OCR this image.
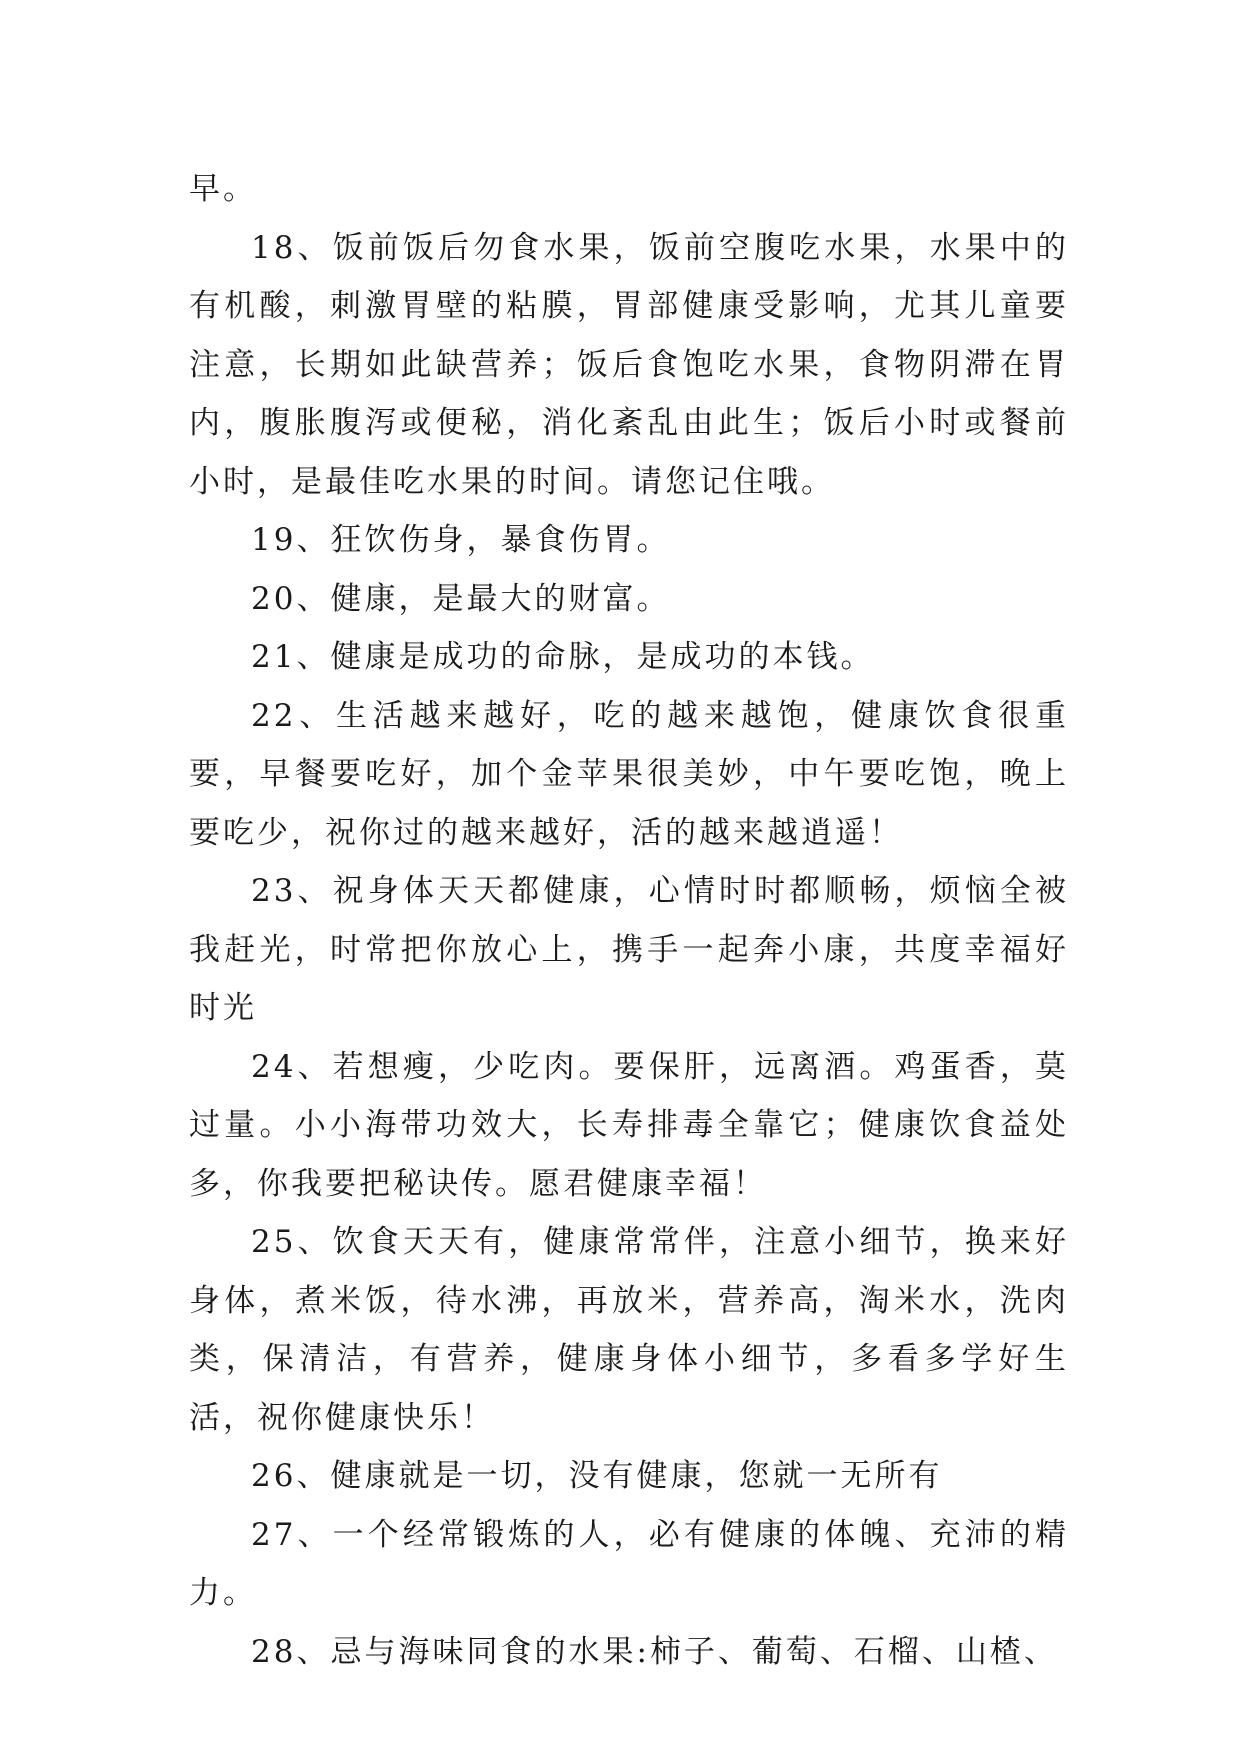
早。

18、饭前饭后勿食水果，饭前空腹吃水果，水果中的有机酸，刺激胃壁的粘膜，胃部健康受影响，尤其儿童要注意，长期如此缺营养；饭后食饱吃水果，食物阴滞在胃内，腹胀腹泻或便秘，消化紊乱由此生；饭后小时或餐前小时，是最佳吃水果的时间。请您记住哦。

19、狂饮伤身，暴食伤胃。

20、健康，是最大的财富。

21、健康是成功的命脉，是成功的本钱。

22、生活越来越好，吃的越来越饱，健康饮食很重要，早餐要吃好，加个金苹果很美妙，中午要吃饱，晚上要吃少，祝你过的越来越好，活的越来越逍遥！

23、祝身体天天都健康，心情时时都顺畅，烦恼全被我赶光，时常把你放心上，携手一起奔小康，共度幸福好时光

24、若想瘦，少吃肉。要保肝，远离酒。鸡蛋香，莫过量。小小海带功效大，长寿排毒全靠它；健康饮食益处多，你我要把秘诀传。愿君健康幸福！

25、饮食天天有，健康常常伴，注意小细节，换来好身体，煮米饭，待水沸，再放米，营养高，淘米水，洗肉类，保清洁，有营养，健康身体小细节，多看多学好生活，祝你健康快乐！

26、健康就是一切，没有健康，您就一无所有

27、一个经常锻炼的人，必有健康的体魄、充沛的精力。

28、忌与海味同食的水果:柿子、葡萄、石榴、山楂、
